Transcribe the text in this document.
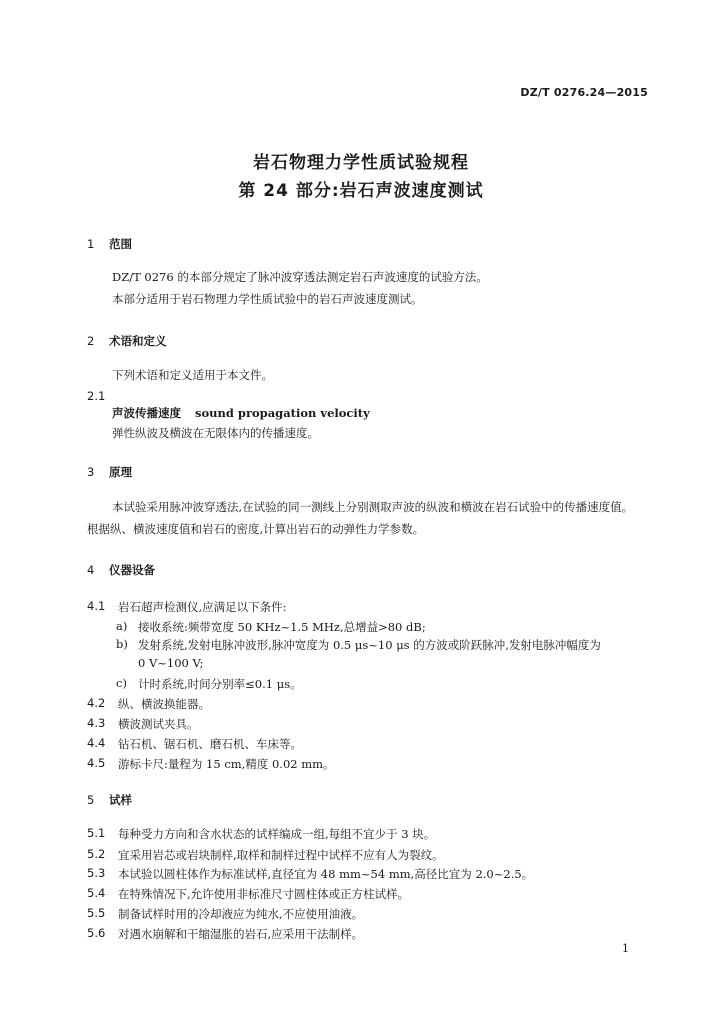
DZ/T 0276.24—2015
岩石物理力学性质试验规程
第 24 部分:岩石声波速度测试
1 范围
DZ/T 0276 的本部分规定了脉冲波穿透法测定岩石声波速度的试验方法。
本部分适用于岩石物理力学性质试验中的岩石声波速度测试。
2 术语和定义
下列术语和定义适用于本文件。
2.1
声波传播速度 sound propagation velocity
弹性纵波及横波在无限体内的传播速度。
3 原理
本试验采用脉冲波穿透法,在试验的同一测线上分别测取声波的纵波和横波在岩石试验中的传播速度值。根据纵、横波速度值和岩石的密度,计算出岩石的动弹性力学参数。
4 仪器设备
4.1 岩石超声检测仪,应满足以下条件:
a) 接收系统:频带宽度 50 KHz~1.5 MHz,总增益>80 dB;
b) 发射系统,发射电脉冲波形,脉冲宽度为 0.5 μs~10 μs 的方波或阶跃脉冲,发射电脉冲幅度为
0 V~100 V;
c) 计时系统,时间分别率≤0.1 μs。
4.2 纵、横波换能器。
4.3 横波测试夹具。
4.4 钻石机、锯石机、磨石机、车床等。
4.5 游标卡尺:量程为 15 cm,精度 0.02 mm。
5 试样
5.1 每种受力方向和含水状态的试样编成一组,每组不宜少于 3 块。
5.2 宜采用岩芯或岩块制样,取样和制样过程中试样不应有人为裂纹。
5.3 本试验以圆柱体作为标准试样,直径宜为 48 mm~54 mm,高径比宜为 2.0~2.5。
5.4 在特殊情况下,允许使用非标准尺寸圆柱体或正方柱试样。
5.5 制备试样时用的冷却液应为纯水,不应使用油液。
5.6 对遇水崩解和干缩湿胀的岩石,应采用干法制样。
1
